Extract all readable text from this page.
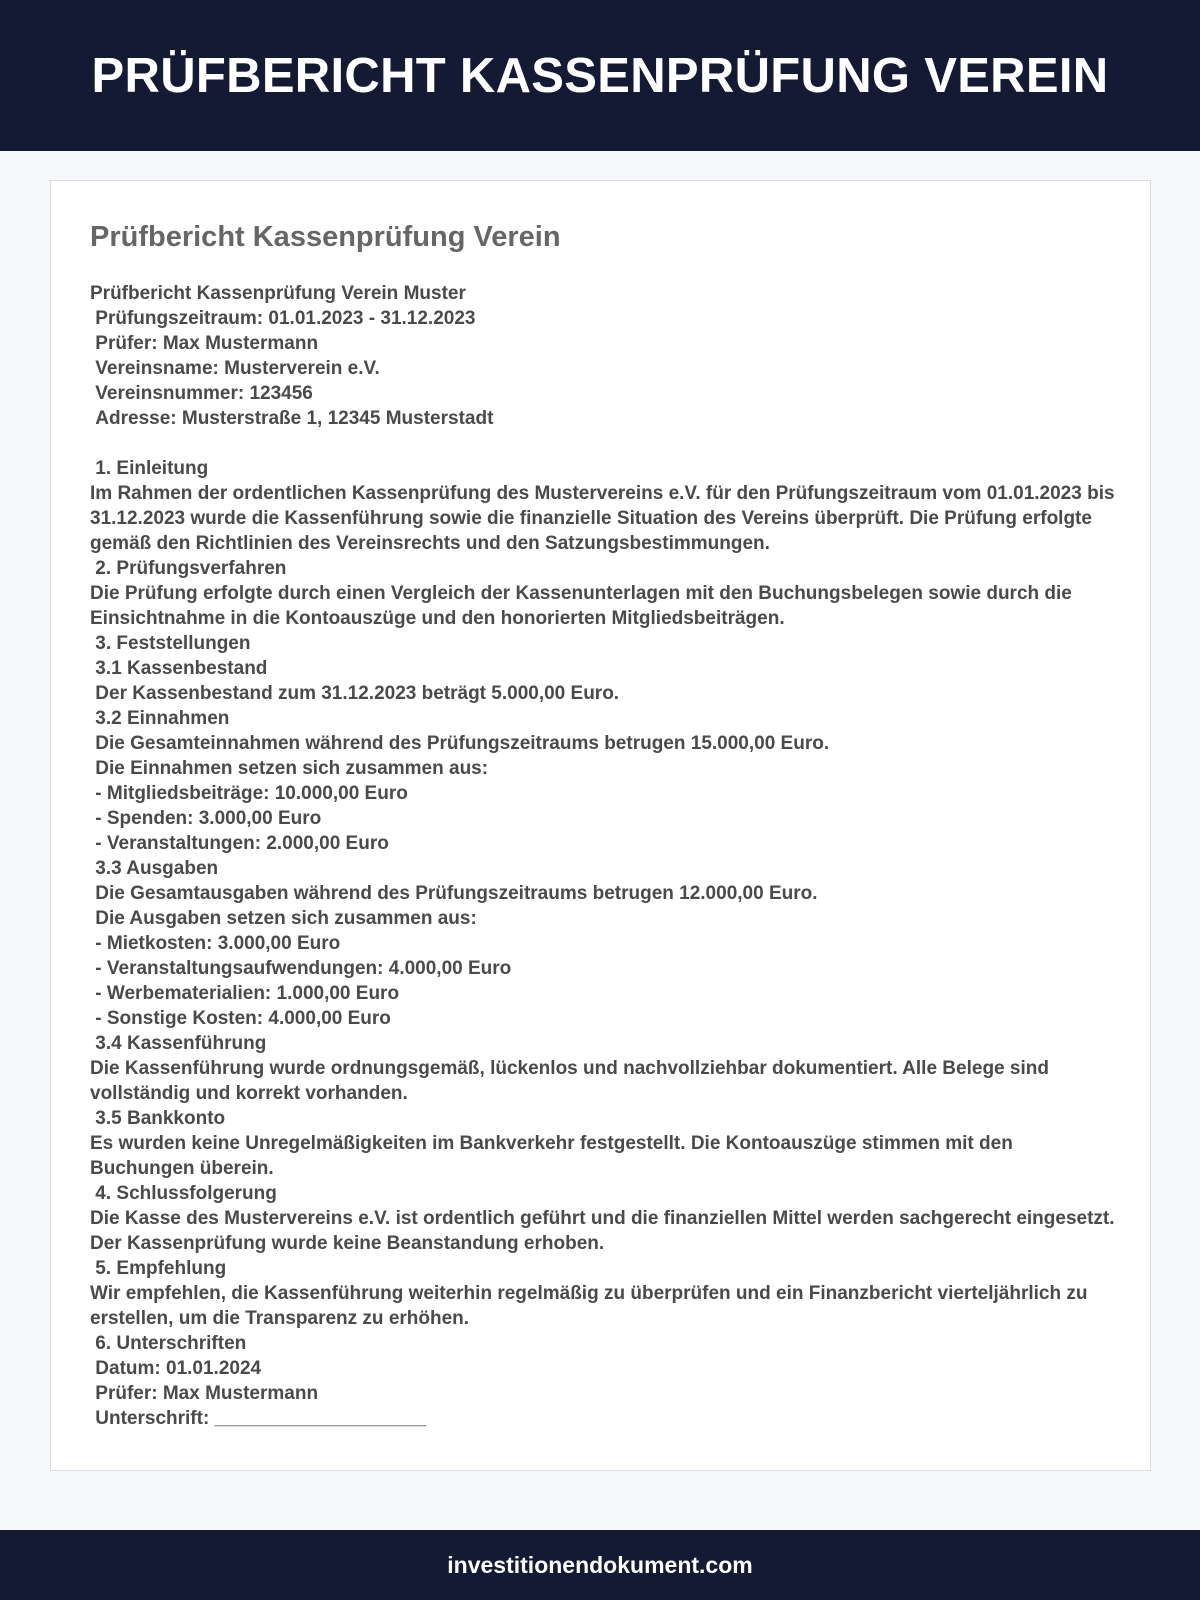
PRÜFBERICHT KASSENPRÜFUNG VEREIN
Prüfbericht Kassenprüfung Verein
Prüfbericht Kassenprüfung Verein Muster
Prüfungszeitraum: 01.01.2023 - 31.12.2023
Prüfer: Max Mustermann
Vereinsname: Musterverein e.V.
Vereinsnummer: 123456
Adresse: Musterstraße 1, 12345 Musterstadt

1. Einleitung
Im Rahmen der ordentlichen Kassenprüfung des Mustervereins e.V. für den Prüfungszeitraum vom 01.01.2023 bis 31.12.2023 wurde die Kassenführung sowie die finanzielle Situation des Vereins überprüft. Die Prüfung erfolgte gemäß den Richtlinien des Vereinsrechts und den Satzungsbestimmungen.
2. Prüfungsverfahren
Die Prüfung erfolgte durch einen Vergleich der Kassenunterlagen mit den Buchungsbelegen sowie durch die Einsichtnahme in die Kontoauszüge und den honorierten Mitgliedsbeiträgen.
3. Feststellungen
3.1 Kassenbestand
Der Kassenbestand zum 31.12.2023 beträgt 5.000,00 Euro.
3.2 Einnahmen
Die Gesamteinnahmen während des Prüfungszeitraums betrugen 15.000,00 Euro.
Die Einnahmen setzen sich zusammen aus:
- Mitgliedsbeiträge: 10.000,00 Euro
- Spenden: 3.000,00 Euro
- Veranstaltungen: 2.000,00 Euro
3.3 Ausgaben
Die Gesamtausgaben während des Prüfungszeitraums betrugen 12.000,00 Euro.
Die Ausgaben setzen sich zusammen aus:
- Mietkosten: 3.000,00 Euro
- Veranstaltungsaufwendungen: 4.000,00 Euro
- Werbematerialien: 1.000,00 Euro
- Sonstige Kosten: 4.000,00 Euro
3.4 Kassenführung
Die Kassenführung wurde ordnungsgemäß, lückenlos und nachvollziehbar dokumentiert. Alle Belege sind vollständig und korrekt vorhanden.
3.5 Bankkonto
Es wurden keine Unregelmäßigkeiten im Bankverkehr festgestellt. Die Kontoauszüge stimmen mit den Buchungen überein.
4. Schlussfolgerung
Die Kasse des Mustervereins e.V. ist ordentlich geführt und die finanziellen Mittel werden sachgerecht eingesetzt. Der Kassenprüfung wurde keine Beanstandung erhoben.
5. Empfehlung
Wir empfehlen, die Kassenführung weiterhin regelmäßig zu überprüfen und ein Finanzbericht vierteljährlich zu erstellen, um die Transparenz zu erhöhen.
6. Unterschriften
Datum: 01.01.2024
Prüfer: Max Mustermann
Unterschrift: ____________________
investitionendokument.com
